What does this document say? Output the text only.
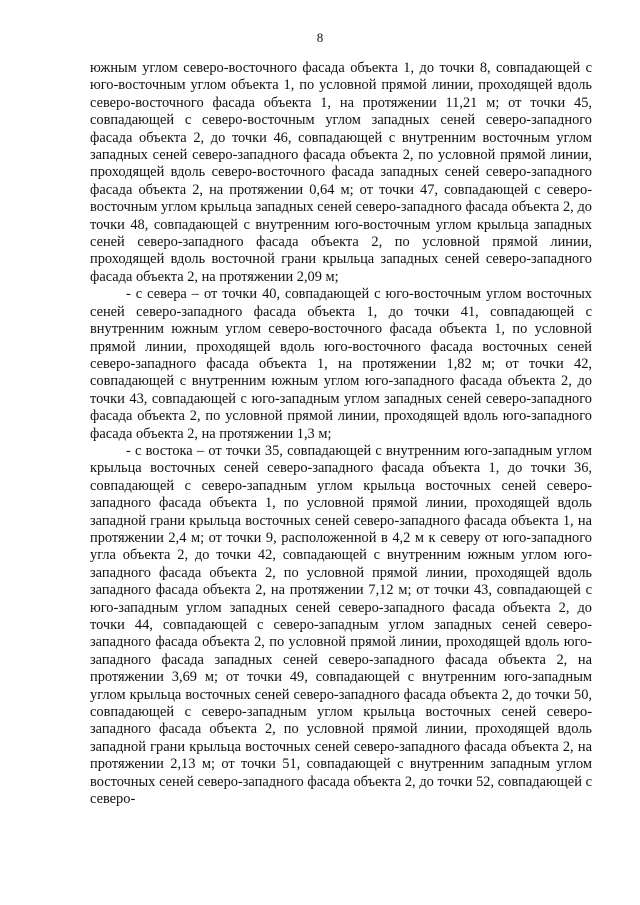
8

южным углом северо-восточного фасада объекта 1, до точки 8, совпадающей с юго-восточным углом объекта 1, по условной прямой линии, проходящей вдоль северо-восточного фасада объекта 1, на протяжении 11,21 м; от точки 45, совпадающей с северо-восточным углом западных сеней северо-западного фасада объекта 2, до точки 46, совпадающей с внутренним восточным углом западных сеней северо-западного фасада объекта 2, по условной прямой линии, проходящей вдоль северо-восточного фасада западных сеней северо-западного фасада объекта 2, на протяжении 0,64 м; от точки 47, совпадающей с северо-восточным углом крыльца западных сеней северо-западного фасада объекта 2, до точки 48, совпадающей с внутренним юго-восточным углом крыльца западных сеней северо-западного фасада объекта 2, по условной прямой линии, проходящей вдоль восточной грани крыльца западных сеней северо-западного фасада объекта 2, на протяжении 2,09 м;

- с севера – от точки 40, совпадающей с юго-восточным углом восточных сеней северо-западного фасада объекта 1, до точки 41, совпадающей с внутренним южным углом северо-восточного фасада объекта 1, по условной прямой линии, проходящей вдоль юго-восточного фасада восточных сеней северо-западного фасада объекта 1, на протяжении 1,82 м; от точки 42, совпадающей с внутренним южным углом юго-западного фасада объекта 2, до точки 43, совпадающей с юго-западным углом западных сеней северо-западного фасада объекта 2, по условной прямой линии, проходящей вдоль юго-западного фасада объекта 2, на протяжении 1,3 м;

- с востока – от точки 35, совпадающей с внутренним юго-западным углом крыльца восточных сеней северо-западного фасада объекта 1, до точки 36, совпадающей с северо-западным углом крыльца восточных сеней северо-западного фасада объекта 1, по условной прямой линии, проходящей вдоль западной грани крыльца восточных сеней северо-западного фасада объекта 1, на протяжении 2,4 м; от точки 9, расположенной в 4,2 м к северу от юго-западного угла объекта 2, до точки 42, совпадающей с внутренним южным углом юго-западного фасада объекта 2, по условной прямой линии, проходящей вдоль западного фасада объекта 2, на протяжении 7,12 м; от точки 43, совпадающей с юго-западным углом западных сеней северо-западного фасада объекта 2, до точки 44, совпадающей с северо-западным углом западных сеней северо-западного фасада объекта 2, по условной прямой линии, проходящей вдоль юго-западного фасада западных сеней северо-западного фасада объекта 2, на протяжении 3,69 м; от точки 49, совпадающей с внутренним юго-западным углом крыльца восточных сеней северо-западного фасада объекта 2, до точки 50, совпадающей с северо-западным углом крыльца восточных сеней северо-западного фасада объекта 2, по условной прямой линии, проходящей вдоль западной грани крыльца восточных сеней северо-западного фасада объекта 2, на протяжении 2,13 м; от точки 51, совпадающей с внутренним западным углом восточных сеней северо-западного фасада объекта 2, до точки 52, совпадающей с северо-
